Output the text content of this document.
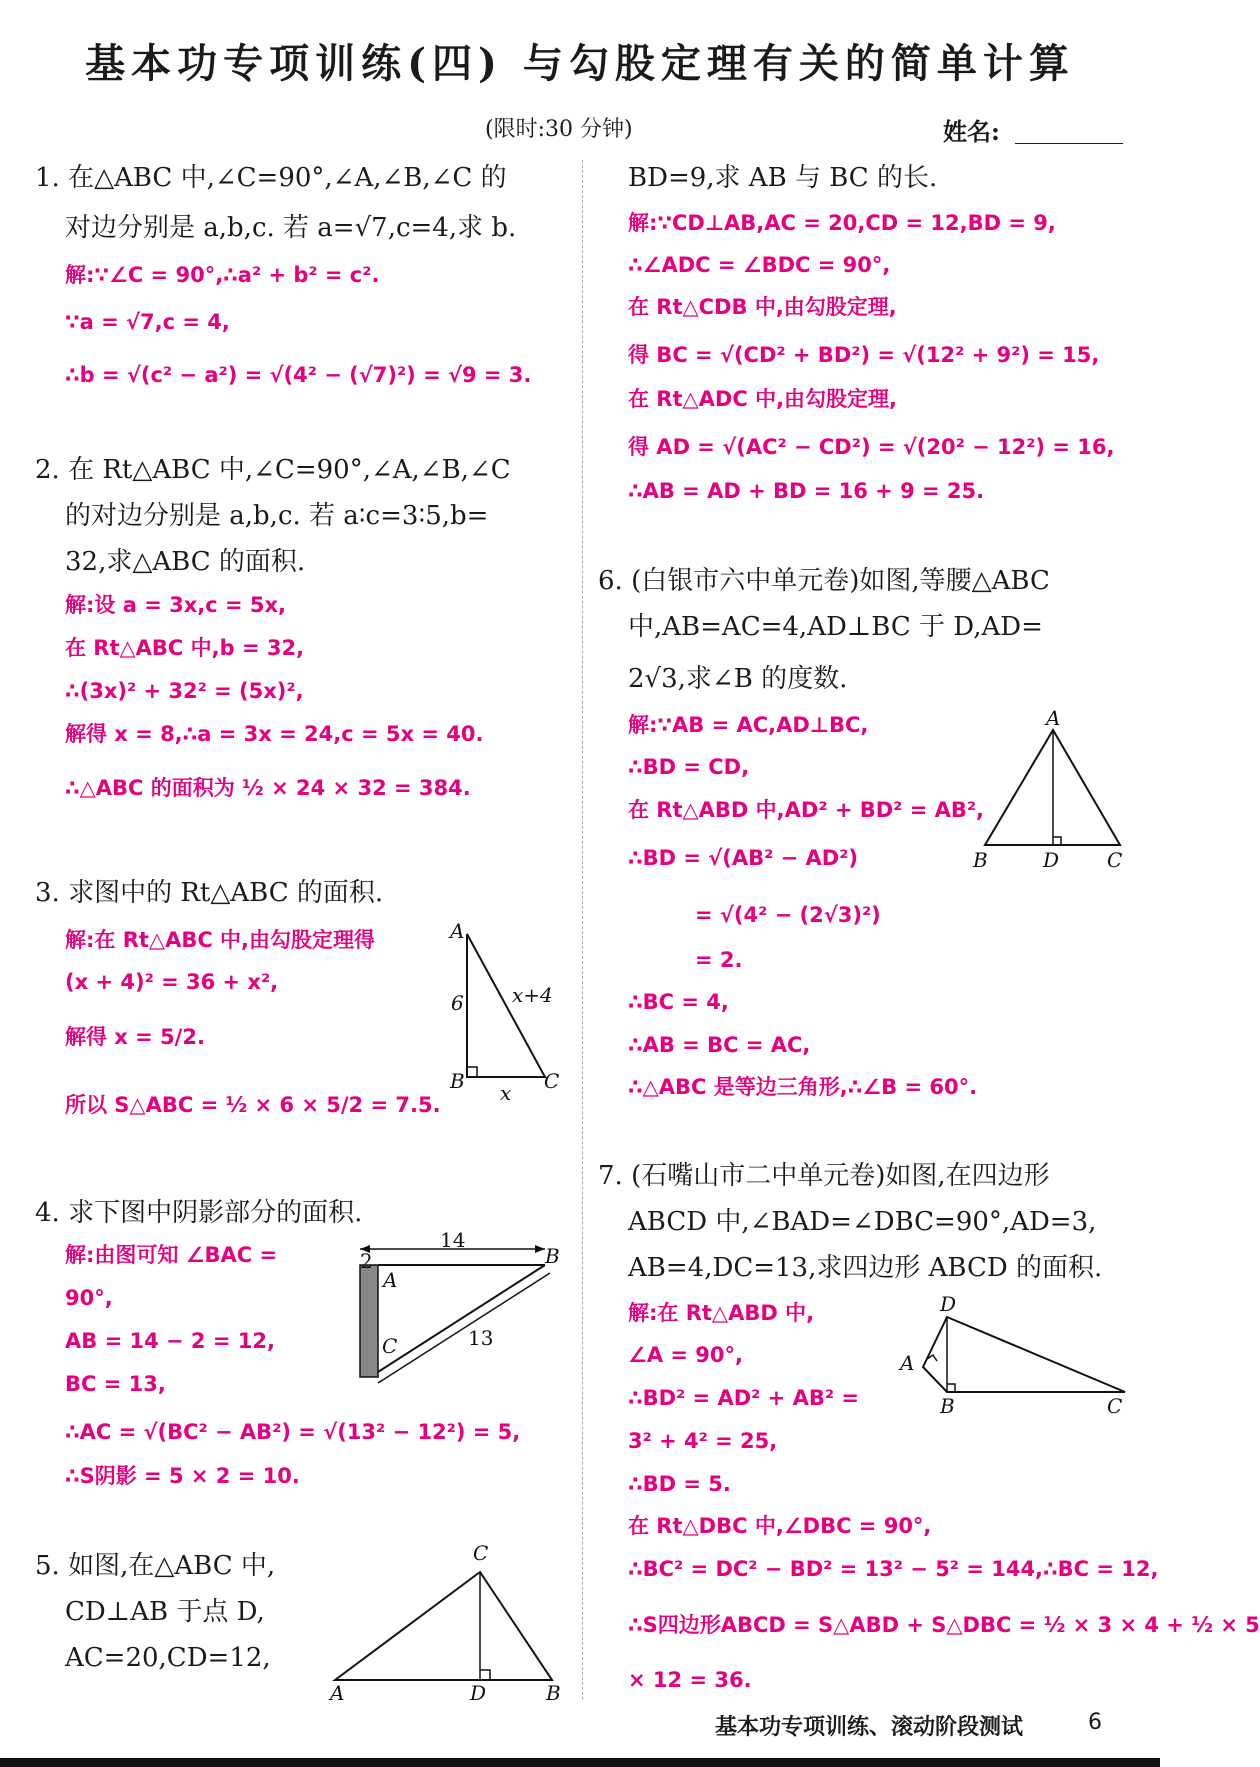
基本功专项训练(四) 与勾股定理有关的简单计算
(限时:30 分钟)	姓名:
1. 在△ABC 中,∠C=90°,∠A,∠B,∠C 的
对边分别是 a,b,c. 若 a=√7,c=4,求 b.
解:∵∠C = 90°,∴a² + b² = c².
∵a = √7,c = 4,
∴b = √(c² − a²) = √(4² − (√7)²) = √9 = 3.
2. 在 Rt△ABC 中,∠C=90°,∠A,∠B,∠C
的对边分别是 a,b,c. 若 a∶c=3∶5,b=
32,求△ABC 的面积.
解:设 a = 3x,c = 5x,
在 Rt△ABC 中,b = 32,
∴(3x)² + 32² = (5x)²,
解得 x = 8,∴a = 3x = 24,c = 5x = 40.
∴△ABC 的面积为 ½ × 24 × 32 = 384.
3. 求图中的 Rt△ABC 的面积.
解:在 Rt△ABC 中,由勾股定理得
(x + 4)² = 36 + x²,
解得 x = 5/2.
所以 S△ABC = ½ × 6 × 5/2 = 7.5.
A
6 x+4
B	C
x
4. 求下图中阴影部分的面积.
解:由图可知 ∠BAC =
90°,
AB = 14 − 2 = 12,
BC = 13,
∴AC = √(BC² − AB²) = √(13² − 12²) = 5,
∴S阴影 = 5 × 2 = 10.
14
2
A
B
C	13
5. 如图,在△ABC 中,
CD⊥AB 于点 D,
AC=20,CD=12,
C
A	D	B
BD=9,求 AB 与 BC 的长.
解:∵CD⊥AB,AC = 20,CD = 12,BD = 9,
∴∠ADC = ∠BDC = 90°,
在 Rt△CDB 中,由勾股定理,
得 BC = √(CD² + BD²) = √(12² + 9²) = 15,
在 Rt△ADC 中,由勾股定理,
得 AD = √(AC² − CD²) = √(20² − 12²) = 16,
∴AB = AD + BD = 16 + 9 = 25.
6. (白银市六中单元卷)如图,等腰△ABC
中,AB=AC=4,AD⊥BC 于 D,AD=
2√3,求∠B 的度数.
解:∵AB = AC,AD⊥BC,
∴BD = CD,
在 Rt△ABD 中,AD² + BD² = AB²,
∴BD = √(AB² − AD²)
= √(4² − (2√3)²)
= 2.
∴BC = 4,
∴AB = BC = AC,
∴△ABC 是等边三角形,∴∠B = 60°.
A
B	D C
7. (石嘴山市二中单元卷)如图,在四边形
ABCD 中,∠BAD=∠DBC=90°,AD=3,
AB=4,DC=13,求四边形 ABCD 的面积.
解:在 Rt△ABD 中,
∠A = 90°,
∴BD² = AD² + AB² =
3² + 4² = 25,
∴BD = 5.
在 Rt△DBC 中,∠DBC = 90°,
∴BC² = DC² − BD² = 13² − 5² = 144,∴BC = 12,
∴S四边形ABCD = S△ABD + S△DBC = ½ × 3 × 4 + ½ × 5
× 12 = 36.
D
A
B	C
基本功专项训练、滚动阶段测试	6
